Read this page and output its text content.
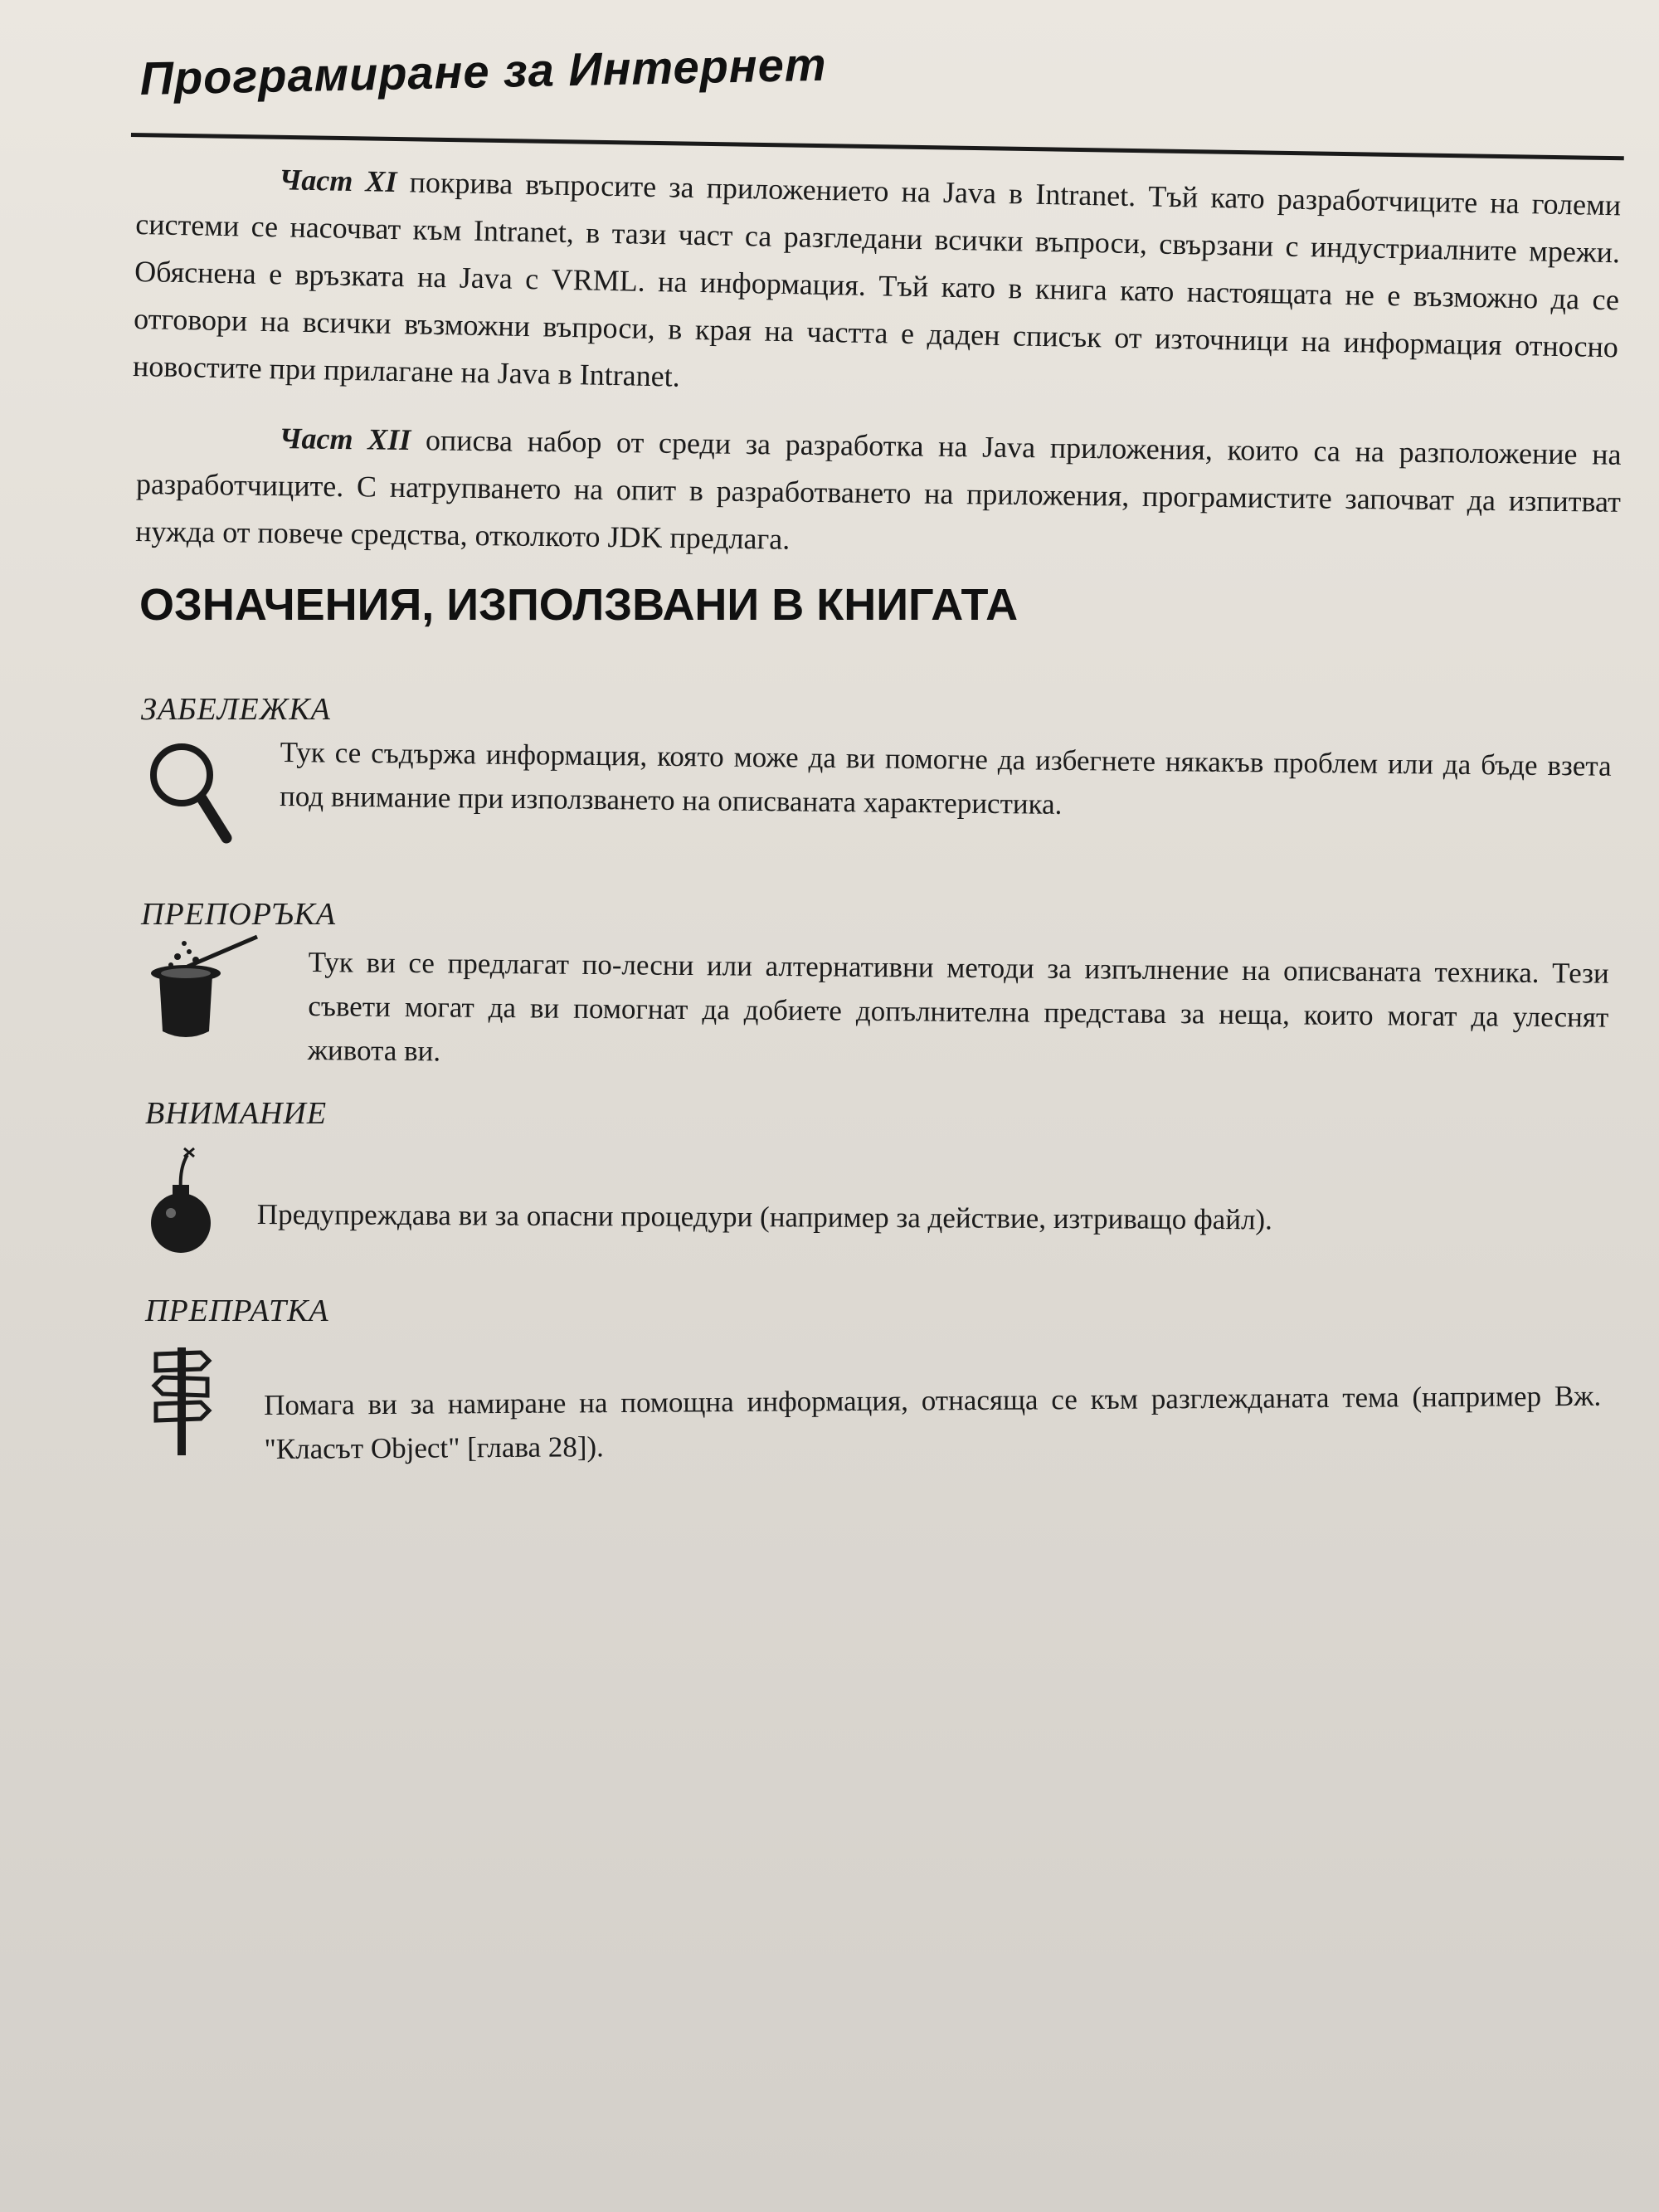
Програмиране за Интернет

Част XI покрива въпросите за приложението на Java в Intranet. Тъй като разработчиците на големи системи се насочват към Intranet, в тази част са разгледани всички въпроси, свързани с индустриалните мрежи. Обяснена е връзката на Java с VRML. на информация. Тъй като в книга като настоящата не е възможно да се отговори на всички възможни въпроси, в края на частта е даден списък от източници на информация относно новостите при прилагане на Java в Intranet.

Част XII описва набор от среди за разработка на Java приложения, които са на разположение на разработчиците. С натрупването на опит в разработването на приложения, програмистите започват да изпитват нужда от повече средства, отколкото JDK предлага.

ОЗНАЧЕНИЯ, ИЗПОЛЗВАНИ В КНИГАТА
ЗАБЕЛЕЖКА

Тук се съдържа информация, която може да ви помогне да избегнете някакъв проблем или да бъде взета под внимание при използването на описваната характеристика.

ПРЕПОРЪКА

Тук ви се предлагат по-лесни или алтернативни методи за изпълнение на описваната техника. Тези съвети могат да ви помогнат да добиете допълнителна представа за неща, които могат да улеснят живота ви.

ВНИМАНИЕ

Предупреждава ви за опасни процедури (например за действие, изтриващо файл).

ПРЕПРАТКА

Помага ви за намиране на помощна информация, отнасяща се към разглежданата тема (например Вж. "Класът Object" [глава 28]).
